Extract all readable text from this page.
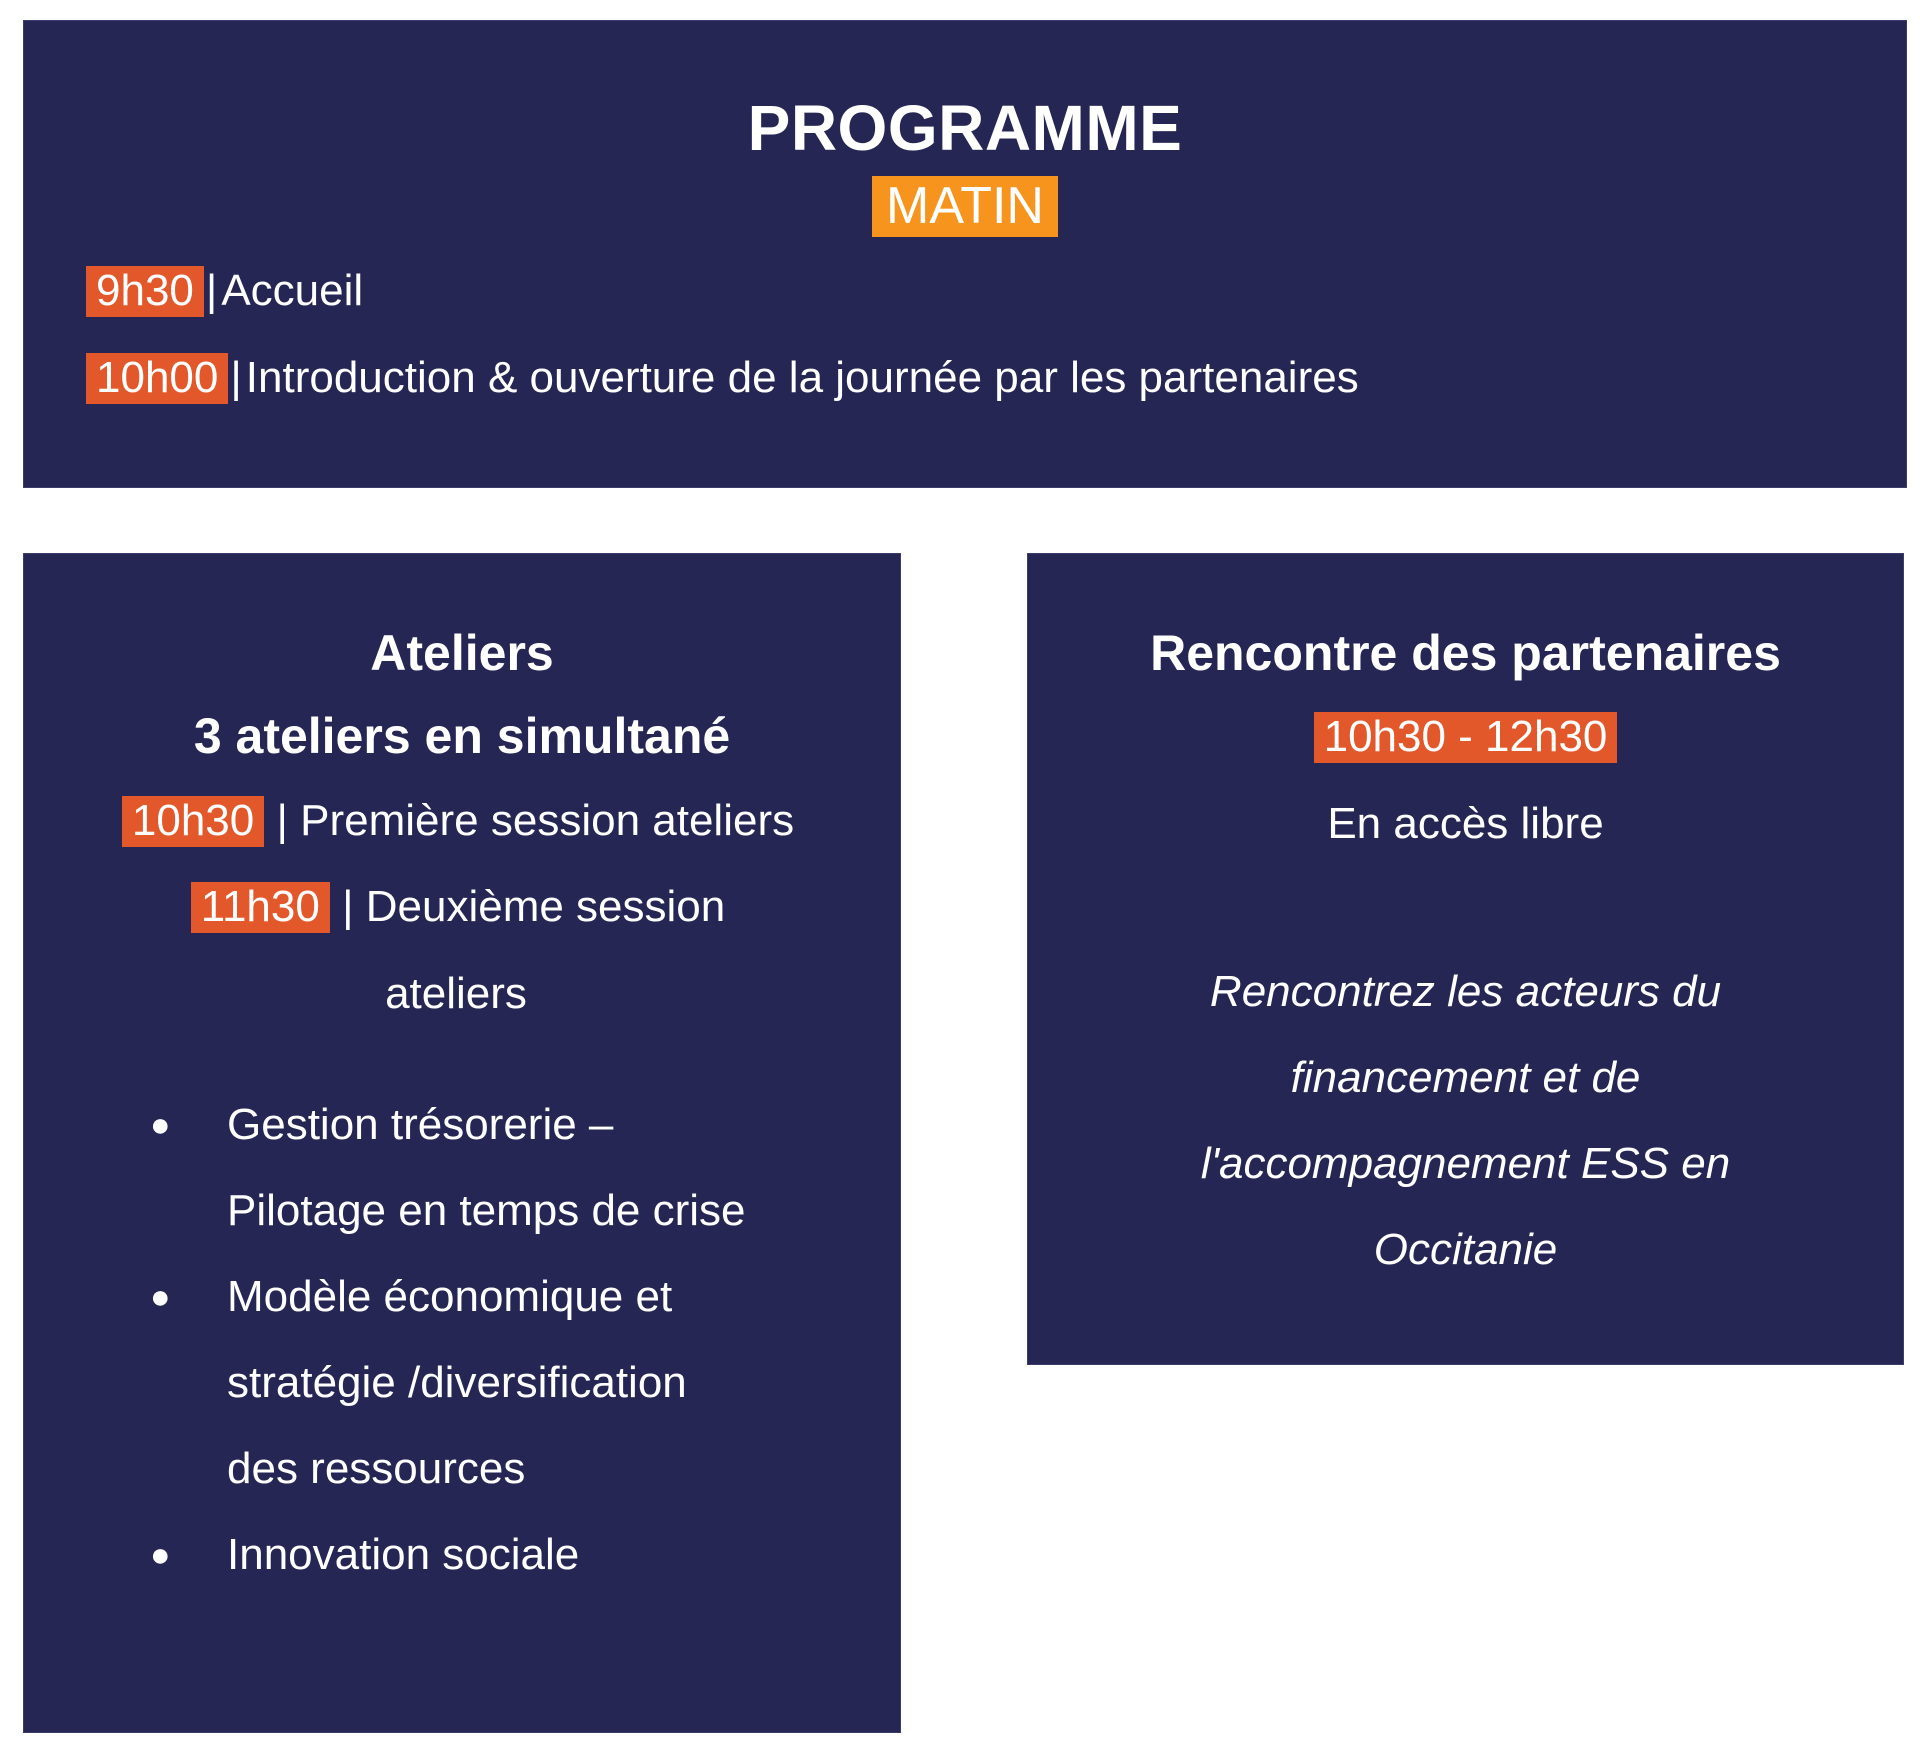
PROGRAMME
MATIN
9h30 |Accueil
10h00 |Introduction & ouverture de la journée par les partenaires
Ateliers
3 ateliers en simultané
10h30 | Première session ateliers
11h30 | Deuxième session
ateliers
● Gestion trésorerie –
Pilotage en temps de crise
● Modèle économique et
stratégie /diversification
des ressources
● Innovation sociale
Rencontre des partenaires
10h30 - 12h30
En accès libre
Rencontrez les acteurs du
financement et de
l'accompagnement ESS en
Occitanie
